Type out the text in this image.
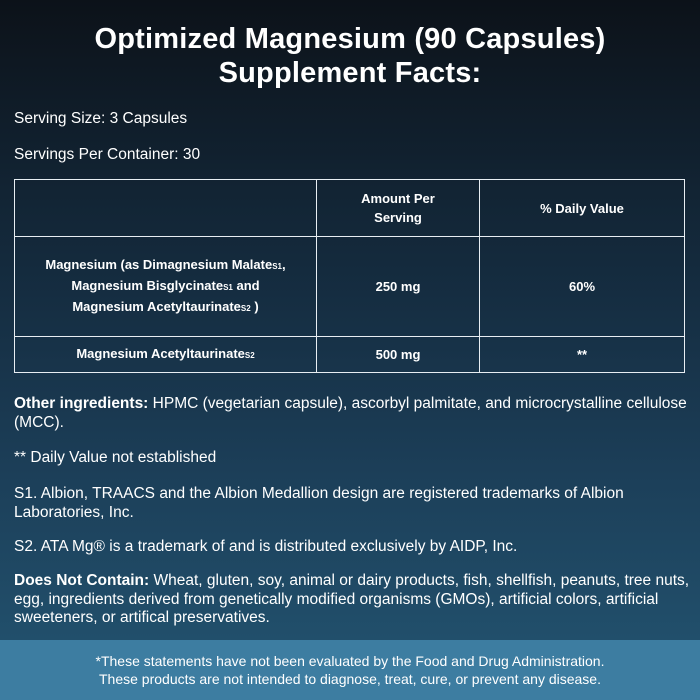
Optimized Magnesium (90 Capsules)
Supplement Facts:
Serving Size: 3 Capsules
Servings Per Container: 30
	Amount Per Serving	% Daily Value

Magnesium (as Dimagnesium MalateS1,
Magnesium BisglycinateS1 and
Magnesium AcetyltaurinateS2 )	250 mg	60%
Magnesium AcetyltaurinateS2	500 mg	**
Other ingredients: HPMC (vegetarian capsule), ascorbyl palmitate, and microcrystalline cellulose (MCC).
** Daily Value not established
S1. Albion, TRAACS and the Albion Medallion design are registered trademarks of Albion Laboratories, Inc.
S2. ATA Mg® is a trademark of and is distributed exclusively by AIDP, Inc.
Does Not Contain: Wheat, gluten, soy, animal or dairy products, fish, shellfish, peanuts, tree nuts, egg, ingredients derived from genetically modified organisms (GMOs), artificial colors, artificial sweeteners, or artifical preservatives.
*These statements have not been evaluated by the Food and Drug Administration.
These products are not intended to diagnose, treat, cure, or prevent any disease.
